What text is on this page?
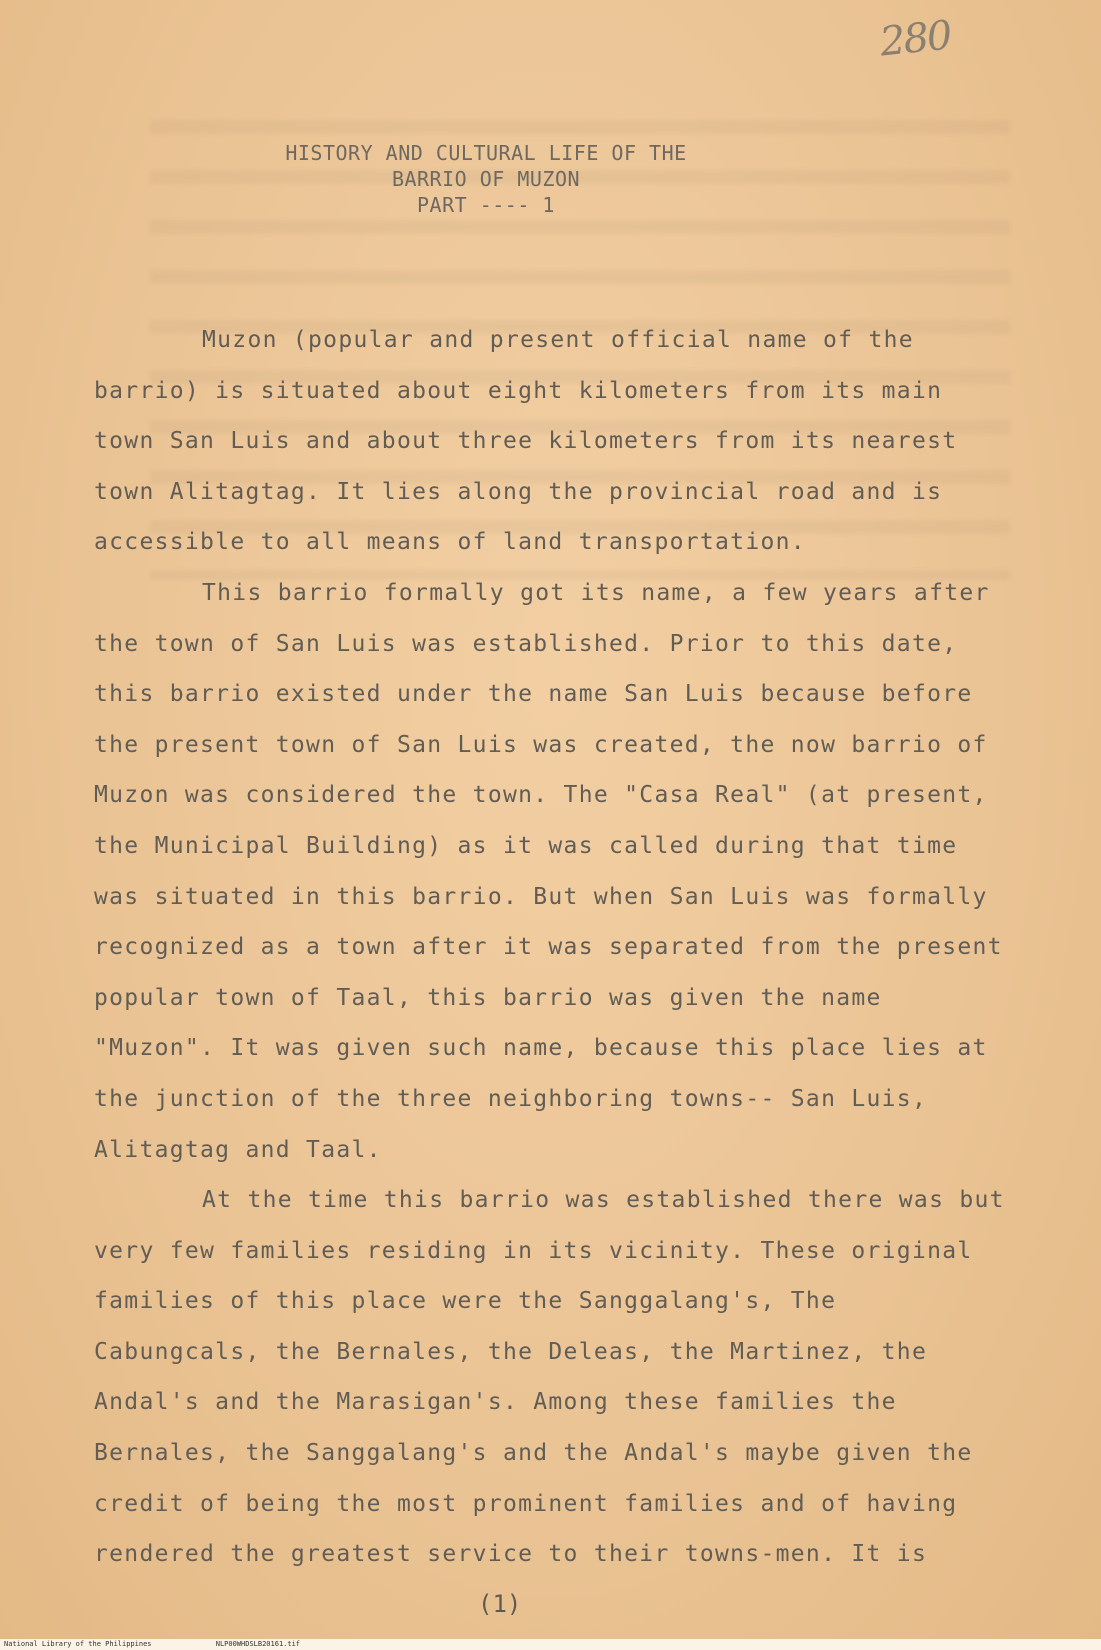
280
HISTORY AND CULTURAL LIFE OF THE
BARRIO OF MUZON
PART ---- 1

Muzon (popular and present official name of the barrio) is situated about eight kilometers from its main town San Luis and about three kilometers from its nearest town Alitagtag. It lies along the provincial road and is accessible to all means of land transportation.

This barrio formally got its name, a few years after the town of San Luis was established. Prior to this date, this barrio existed under the name San Luis because before the present town of San Luis was created, the now barrio of Muzon was considered the town. The "Casa Real" (at present, the Municipal Building) as it was called during that time was situated in this barrio. But when San Luis was formally recognized as a town after it was separated from the present popular town of Taal, this barrio was given the name "Muzon". It was given such name, because this place lies at the junction of the three neighboring towns-- San Luis, Alitagtag and Taal.

At the time this barrio was established there was but very few families residing in its vicinity. These original families of this place were the Sanggalang's, The Cabungcals, the Bernales, the Deleas, the Martinez, the Andal's and the Marasigan's. Among these families the Bernales, the Sanggalang's and the Andal's maybe given the credit of being the most prominent families and of having rendered the greatest service to their towns-men. It is

(1)
National Library of the Philippines	NLP00WHDSLB20161.tif
